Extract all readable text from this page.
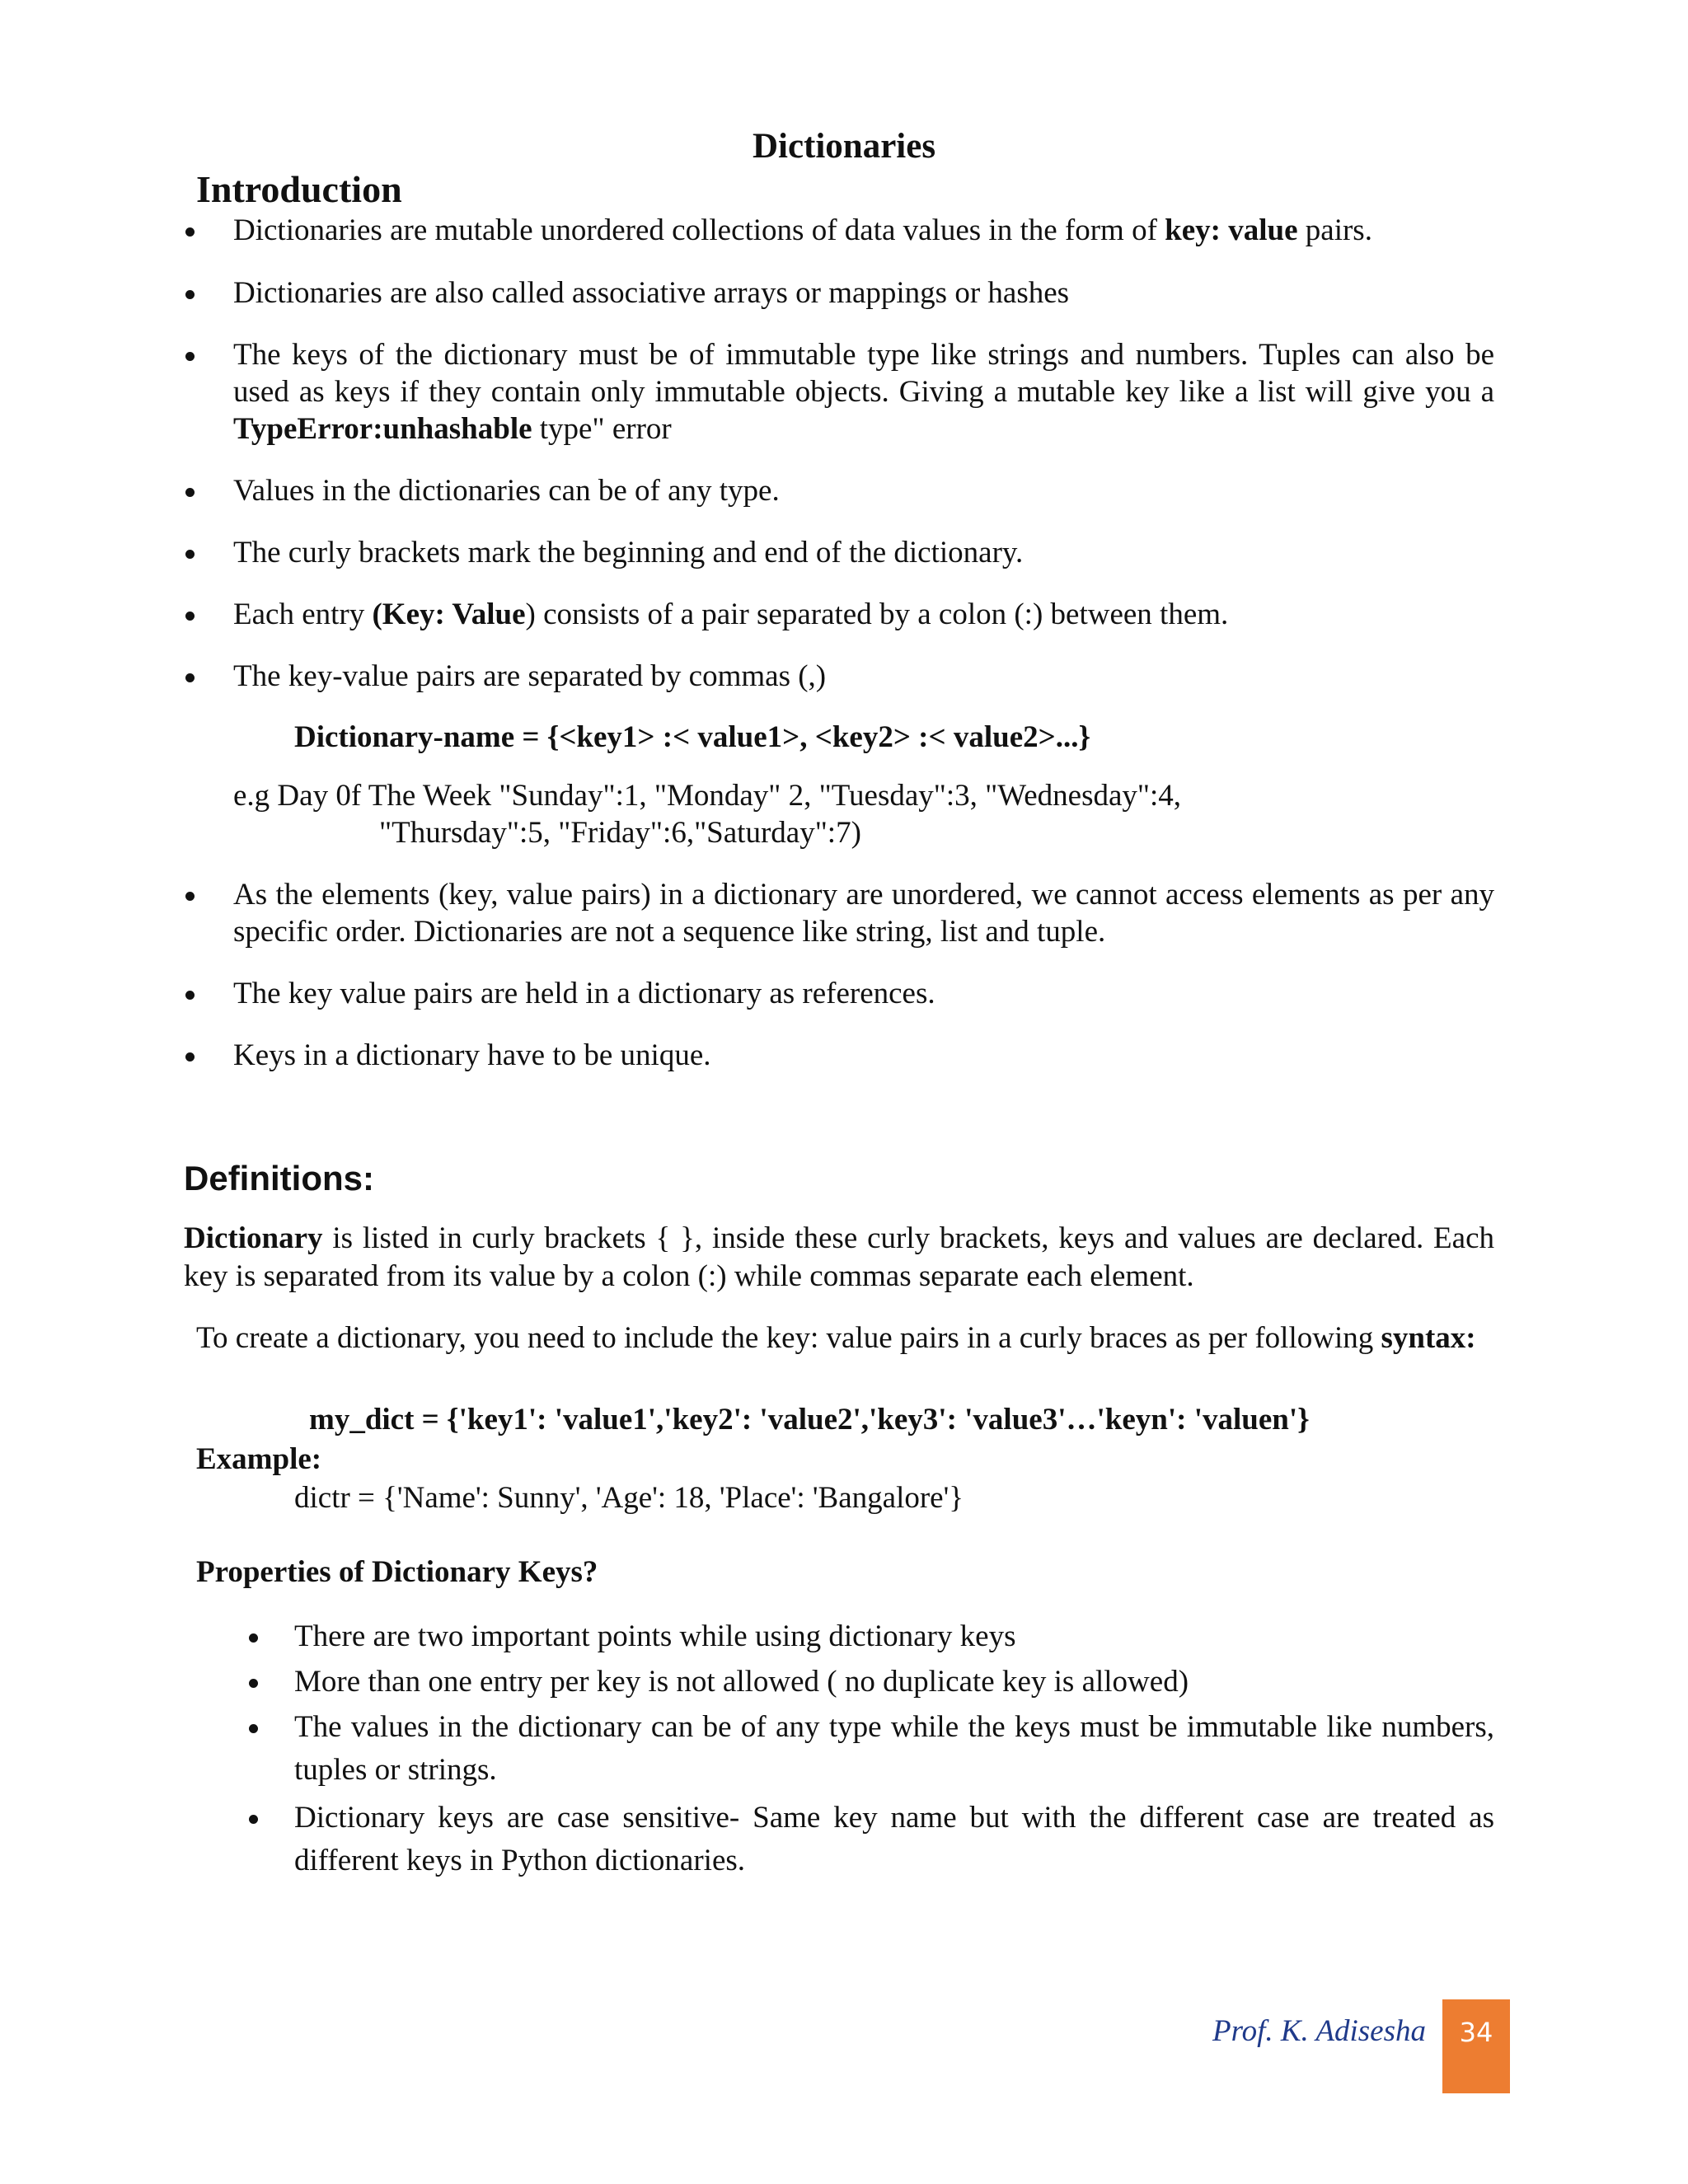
Dictionaries
Introduction
Dictionaries are mutable unordered collections of data values in the form of key: value pairs.
Dictionaries are also called associative arrays or mappings or hashes
The keys of the dictionary must be of immutable type like strings and numbers. Tuples can also be used as keys if they contain only immutable objects. Giving a mutable key like a list will give you a TypeError:unhashable type" error
Values in the dictionaries can be of any type.
The curly brackets mark the beginning and end of the dictionary.
Each entry (Key: Value) consists of a pair separated by a colon (:) between them.
The key-value pairs are separated by commas (,)
Dictionary-name = {<key1> :< value1>, <key2> :< value2>...}
e.g Day 0f The Week "Sunday":1, "Monday" 2, "Tuesday":3, "Wednesday":4,
"Thursday":5, "Friday":6,"Saturday":7)
As the elements (key, value pairs) in a dictionary are unordered, we cannot access elements as per any specific order. Dictionaries are not a sequence like string, list and tuple.
The key value pairs are held in a dictionary as references.
Keys in a dictionary have to be unique.
Definitions:
Dictionary is listed in curly brackets { }, inside these curly brackets, keys and values are declared. Each key is separated from its value by a colon (:) while commas separate each element.
To create a dictionary, you need to include the key: value pairs in a curly braces as per following syntax:
my_dict = {'key1': 'value1','key2': 'value2','key3': 'value3'…'keyn': 'valuen'}
Example:
dictr = {'Name': Sunny', 'Age': 18, 'Place': 'Bangalore'}
Properties of Dictionary Keys?
There are two important points while using dictionary keys
More than one entry per key is not allowed ( no duplicate key is allowed)
The values in the dictionary can be of any type while the keys must be immutable like numbers, tuples or strings.
Dictionary keys are case sensitive- Same key name but with the different case are treated as different keys in Python dictionaries.
Prof. K. Adisesha	34
